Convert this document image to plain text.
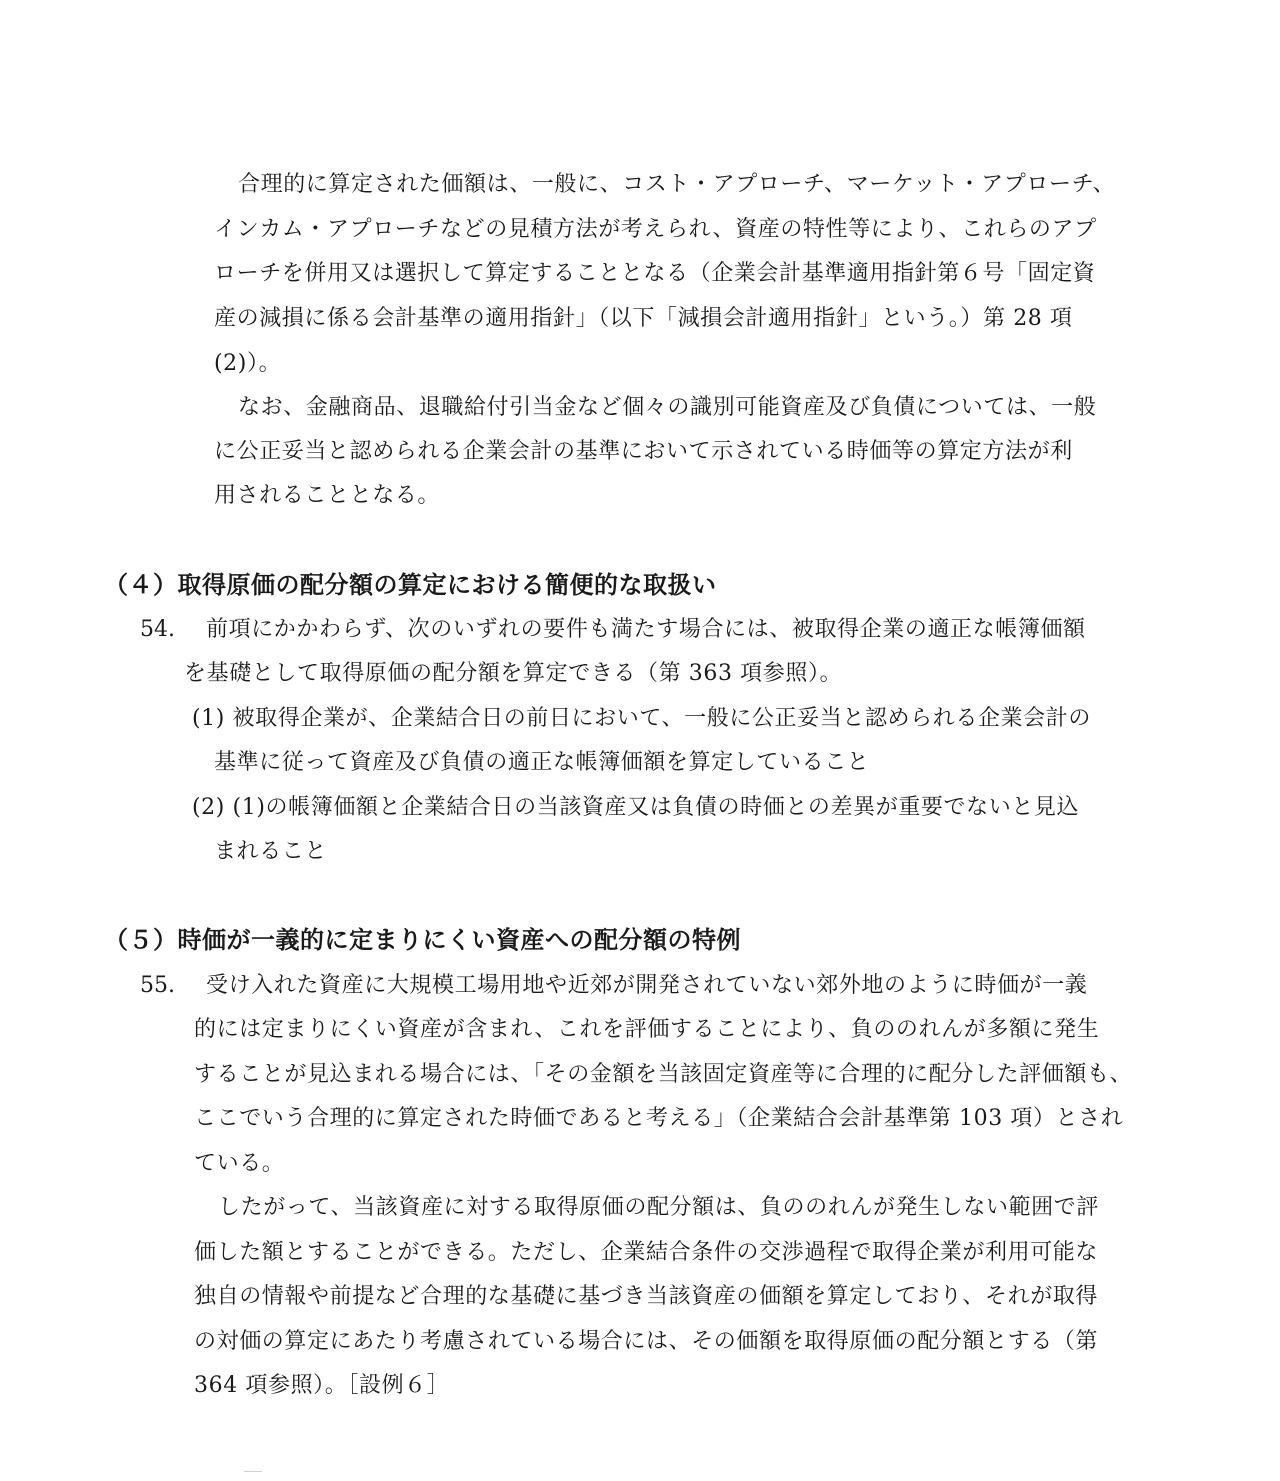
合理的に算定された価額は、一般に、コスト・アプローチ、マーケット・アプローチ、
インカム・アプローチなどの見積方法が考えられ、資産の特性等により、これらのアプ
ローチを併用又は選択して算定することとなる（企業会計基準適用指針第６号「固定資
産の減損に係る会計基準の適用指針」（以下「減損会計適用指針」という。）第 28 項
(2)）。
なお、金融商品、退職給付引当金など個々の識別可能資産及び負債については、一般
に公正妥当と認められる企業会計の基準において示されている時価等の算定方法が利
用されることとなる。
（４）取得原価の配分額の算定における簡便的な取扱い
54. 前項にかかわらず、次のいずれの要件も満たす場合には、被取得企業の適正な帳簿価額
を基礎として取得原価の配分額を算定できる（第 363 項参照）。
(1) 被取得企業が、企業結合日の前日において、一般に公正妥当と認められる企業会計の
基準に従って資産及び負債の適正な帳簿価額を算定していること
(2) (1)の帳簿価額と企業結合日の当該資産又は負債の時価との差異が重要でないと見込
まれること
（５）時価が一義的に定まりにくい資産への配分額の特例
55. 受け入れた資産に大規模工場用地や近郊が開発されていない郊外地のように時価が一義
的には定まりにくい資産が含まれ、これを評価することにより、負ののれんが多額に発生
することが見込まれる場合には、「その金額を当該固定資産等に合理的に配分した評価額も、
ここでいう合理的に算定された時価であると考える」（企業結合会計基準第 103 項）とされ
ている。
したがって、当該資産に対する取得原価の配分額は、負ののれんが発生しない範囲で評
価した額とすることができる。ただし、企業結合条件の交渉過程で取得企業が利用可能な
独自の情報や前提など合理的な基礎に基づき当該資産の価額を算定しており、それが取得
の対価の算定にあたり考慮されている場合には、その価額を取得原価の配分額とする（第
364 項参照）。［設例６］
